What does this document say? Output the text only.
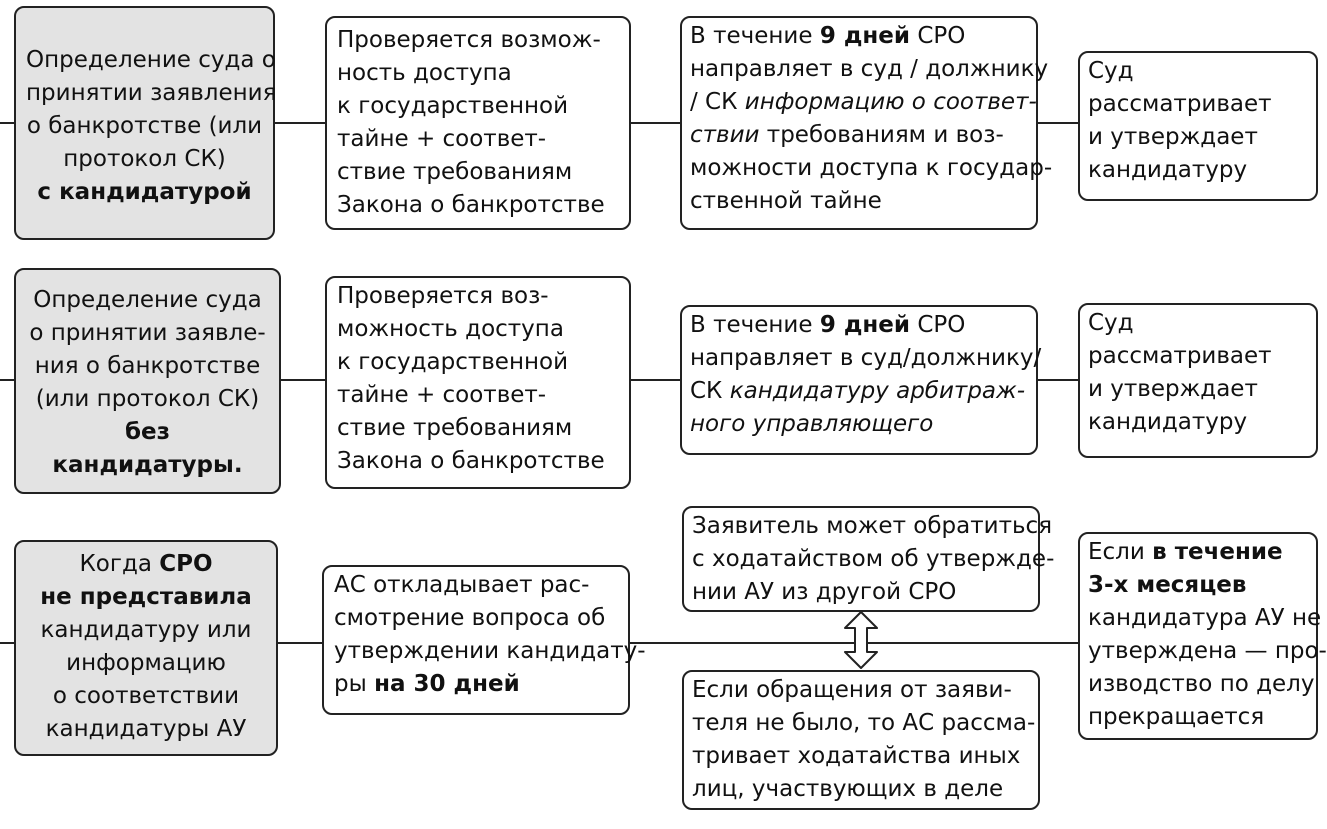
Определение суда о
принятии заявления
о банкротстве (или
протокол СК)
с кандидатурой
Проверяется возмож-
ность доступа
к государственной
тайне + соответ-
ствие требованиям
Закона о банкротстве
В течение 9 дней СРО
направляет в суд / должнику
/ СК информацию о соответ-
ствии требованиям и воз-
можности доступа к государ-
ственной тайне
Суд
рассматривает
и утверждает
кандидатуру
Определение суда
о принятии заявле-
ния о банкротстве
(или протокол СК)
без
кандидатуры.
Проверяется воз-
можность доступа
к государственной
тайне + соответ-
ствие требованиям
Закона о банкротстве
В течение 9 дней СРО
направляет в суд/должнику/
СК кандидатуру арбитраж-
ного управляющего
Суд
рассматривает
и утверждает
кандидатуру
Когда СРО
не представила
кандидатуру или
информацию
о соответствии
кандидатуры АУ
АС откладывает рас-
смотрение вопроса об
утверждении кандидату-
ры на 30 дней
Заявитель может обратиться
с ходатайством об утвержде-
нии АУ из другой СРО
Если обращения от заяви-
теля не было, то АС рассма-
тривает ходатайства иных
лиц, участвующих в деле
Если в течение
3-х месяцев
кандидатура АУ не
утверждена — про-
изводство по делу
прекращается
